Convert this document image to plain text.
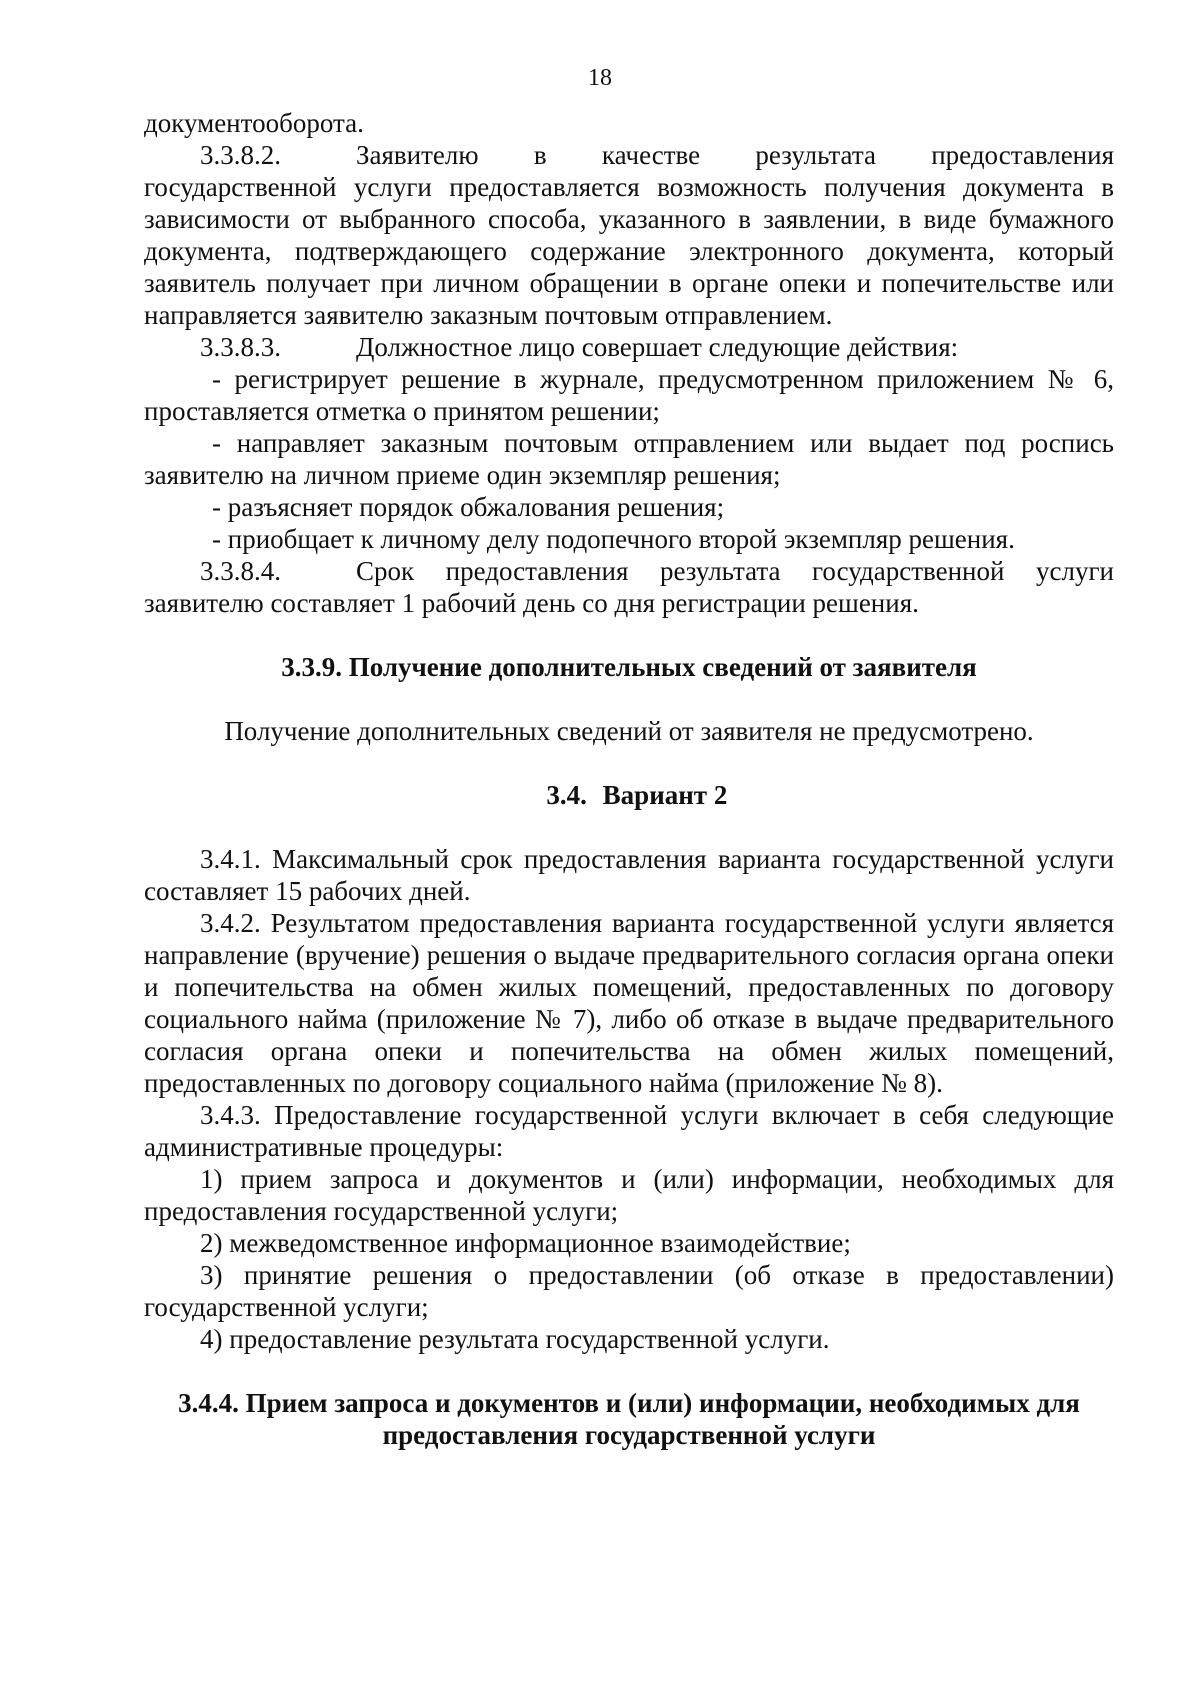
18

документооборота.

3.3.8.2.	Заявителю в качестве результата предоставления государственной услуги предоставляется возможность получения документа в зависимости от выбранного способа, указанного в заявлении, в виде бумажного документа, подтверждающего содержание электронного документа, который заявитель получает при личном обращении в органе опеки и попечительстве или направляется заявителю заказным почтовым отправлением.

3.3.8.3.	Должностное лицо совершает следующие действия:

- регистрирует решение в журнале, предусмотренном приложением № 6, проставляется отметка о принятом решении;

- направляет заказным почтовым отправлением или выдает под роспись заявителю на личном приеме один экземпляр решения;

- разъясняет порядок обжалования решения;

- приобщает к личному делу подопечного второй экземпляр решения.

3.3.8.4.	Срок предоставления результата государственной услуги заявителю составляет 1 рабочий день со дня регистрации решения.

3.3.9. Получение дополнительных сведений от заявителя

Получение дополнительных сведений от заявителя не предусмотрено.

3.4. Вариант 2

3.4.1. Максимальный срок предоставления варианта государственной услуги составляет 15 рабочих дней.

3.4.2. Результатом предоставления варианта государственной услуги является направление (вручение) решения о выдаче предварительного согласия органа опеки и попечительства на обмен жилых помещений, предоставленных по договору социального найма (приложение № 7), либо об отказе в выдаче предварительного согласия органа опеки и попечительства на обмен жилых помещений, предоставленных по договору социального найма (приложение № 8).

3.4.3. Предоставление государственной услуги включает в себя следующие административные процедуры:

1) прием запроса и документов и (или) информации, необходимых для предоставления государственной услуги;

2) межведомственное информационное взаимодействие;

3) принятие решения о предоставлении (об отказе в предоставлении) государственной услуги;

4) предоставление результата государственной услуги.

3.4.4. Прием запроса и документов и (или) информации, необходимых для
предоставления государственной услуги
